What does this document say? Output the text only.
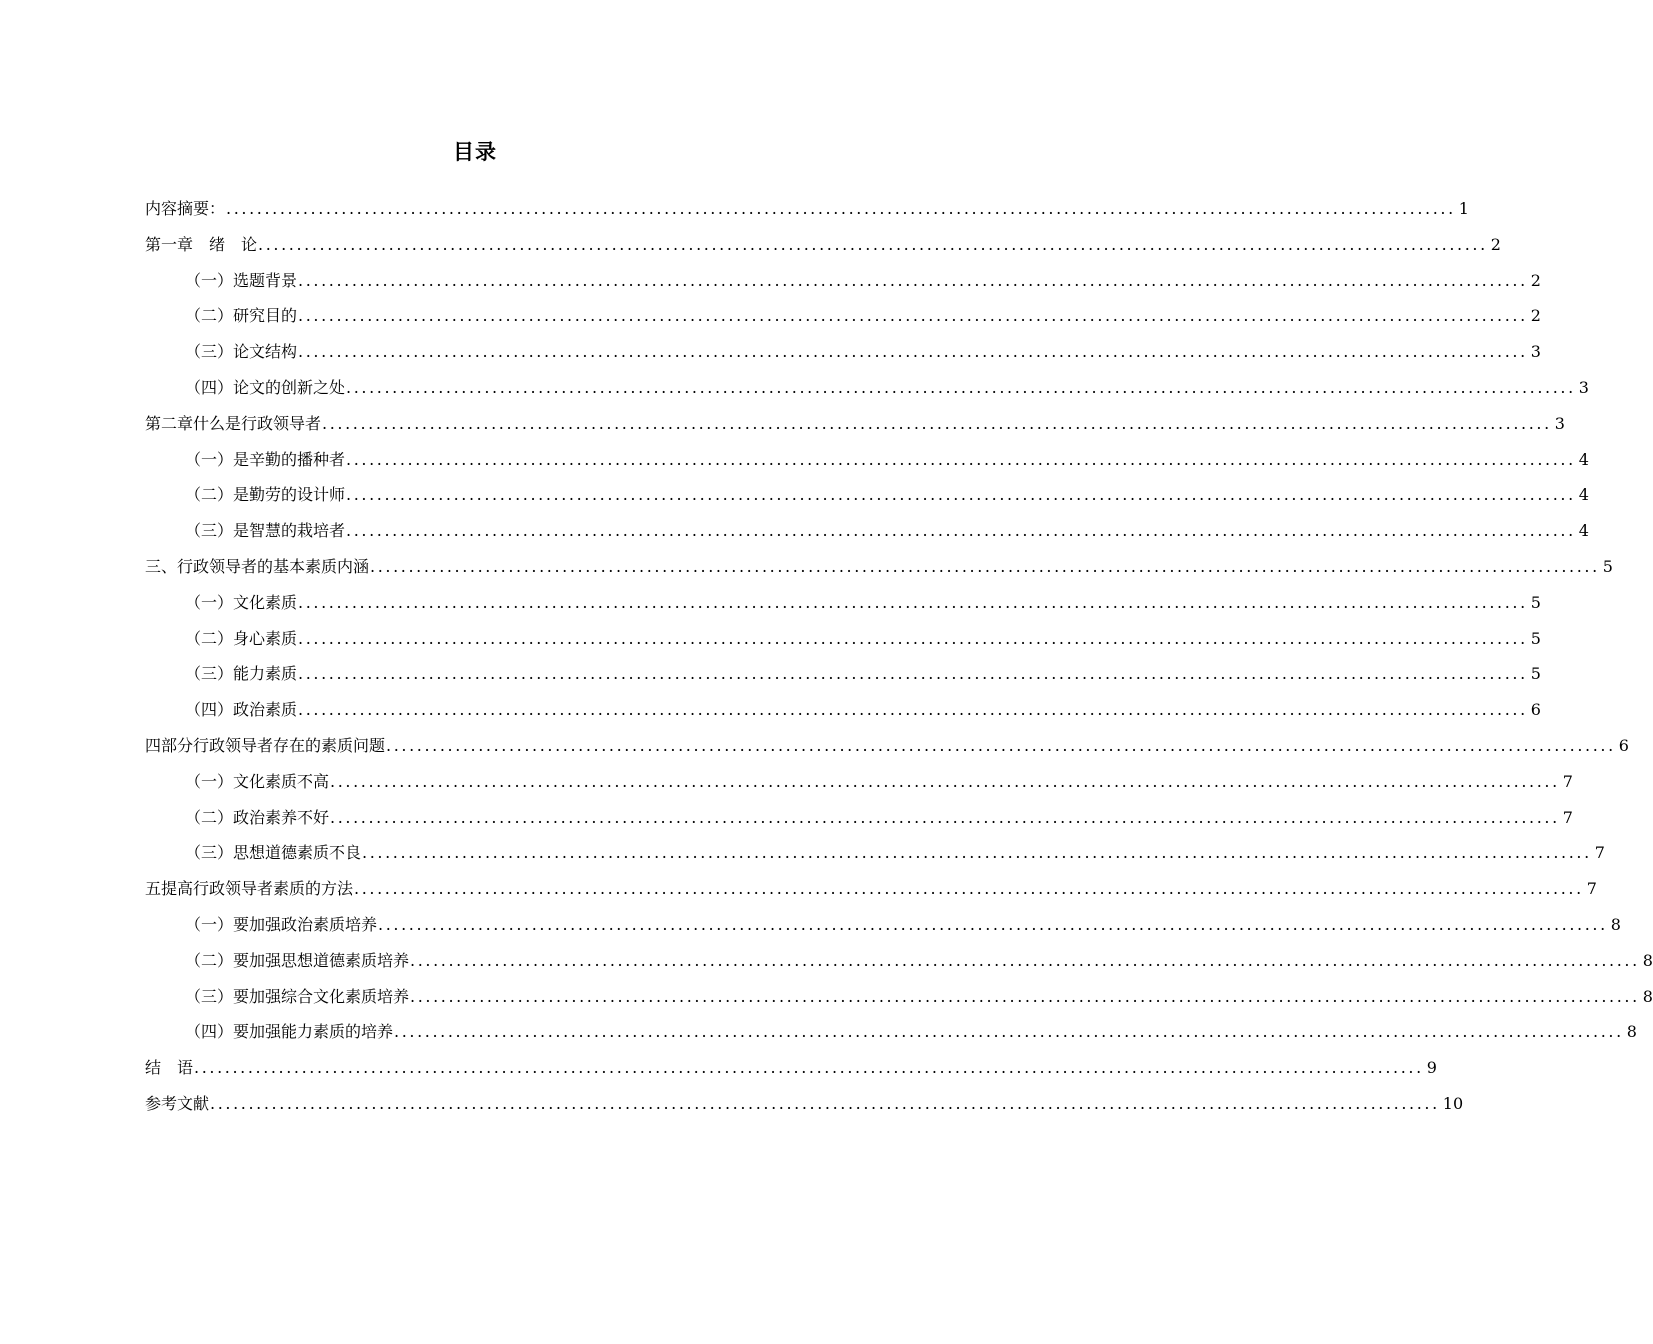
目录
内容摘要： ................................................................................................................................................................ 1
第一章　绪　论 ................................................................................................................................................................ 2
（一）选题背景 ................................................................................................................................................................ 2
（二）研究目的 ................................................................................................................................................................ 2
（三）论文结构 ................................................................................................................................................................ 3
（四）论文的创新之处 ................................................................................................................................................................ 3
第二章什么是行政领导者 ................................................................................................................................................................ 3
（一）是辛勤的播种者 ................................................................................................................................................................ 4
（二）是勤劳的设计师 ................................................................................................................................................................ 4
（三）是智慧的栽培者 ................................................................................................................................................................ 4
三、行政领导者的基本素质内涵 ................................................................................................................................................................ 5
（一）文化素质 ................................................................................................................................................................ 5
（二）身心素质 ................................................................................................................................................................ 5
（三）能力素质 ................................................................................................................................................................ 5
（四）政治素质 ................................................................................................................................................................ 6
四部分行政领导者存在的素质问题 ................................................................................................................................................................ 6
（一）文化素质不高 ................................................................................................................................................................ 7
（二）政治素养不好 ................................................................................................................................................................ 7
（三）思想道德素质不良 ................................................................................................................................................................ 7
五提高行政领导者素质的方法 ................................................................................................................................................................ 7
（一）要加强政治素质培养 ................................................................................................................................................................ 8
（二）要加强思想道德素质培养 ................................................................................................................................................................ 8
（三）要加强综合文化素质培养 ................................................................................................................................................................ 8
（四）要加强能力素质的培养 ................................................................................................................................................................ 8
结　语 ................................................................................................................................................................ 9
参考文献 ................................................................................................................................................................ 10
